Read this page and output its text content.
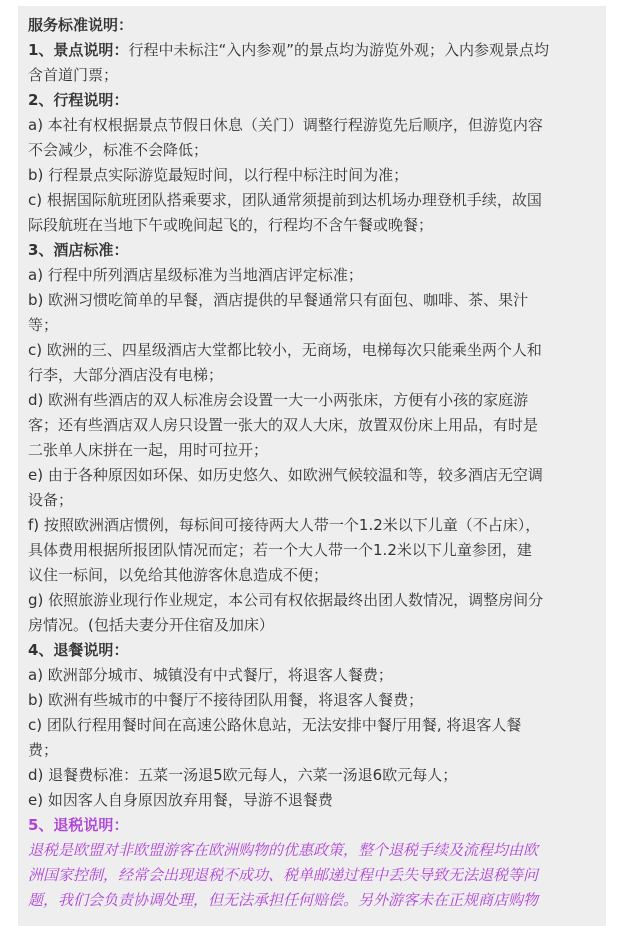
服务标准说明：
1、景点说明：行程中未标注“入内参观”的景点均为游览外观；入内参观景点均
含首道门票；
2、行程说明：
a) 本社有权根据景点节假日休息（关门）调整行程游览先后顺序，但游览内容
不会减少，标准不会降低；
b) 行程景点实际游览最短时间，以行程中标注时间为准；
c) 根据国际航班团队搭乘要求，团队通常须提前到达机场办理登机手续，故国
际段航班在当地下午或晚间起飞的，行程均不含午餐或晚餐；
3、酒店标准：
a) 行程中所列酒店星级标准为当地酒店评定标准；
b) 欧洲习惯吃简单的早餐，酒店提供的早餐通常只有面包、咖啡、茶、果汁
等；
c) 欧洲的三、四星级酒店大堂都比较小，无商场，电梯每次只能乘坐两个人和
行李，大部分酒店没有电梯；
d) 欧洲有些酒店的双人标准房会设置一大一小两张床，方便有小孩的家庭游
客；还有些酒店双人房只设置一张大的双人大床，放置双份床上用品，有时是
二张单人床拼在一起，用时可拉开；
e) 由于各种原因如环保、如历史悠久、如欧洲气候较温和等，较多酒店无空调
设备；
f) 按照欧洲酒店惯例，每标间可接待两大人带一个1.2米以下儿童（不占床），
具体费用根据所报团队情况而定；若一个大人带一个1.2米以下儿童参团，建
议住一标间，以免给其他游客休息造成不便；
g) 依照旅游业现行作业规定，本公司有权依据最终出团人数情况，调整房间分
房情况。(包括夫妻分开住宿及加床）
4、退餐说明：
a) 欧洲部分城市、城镇没有中式餐厅，将退客人餐费；
b) 欧洲有些城市的中餐厅不接待团队用餐，将退客人餐费；
c) 团队行程用餐时间在高速公路休息站，无法安排中餐厅用餐, 将退客人餐
费；
d) 退餐费标准：五菜一汤退5欧元每人，六菜一汤退6欧元每人；
e) 如因客人自身原因放弃用餐，导游不退餐费
5、退税说明：
退税是欧盟对非欧盟游客在欧洲购物的优惠政策，整个退税手续及流程均由欧
洲国家控制，经常会出现退税不成功、税单邮递过程中丢失导致无法退税等问
题，我们会负责协调处理，但无法承担任何赔偿。另外游客未在正规商店购物
